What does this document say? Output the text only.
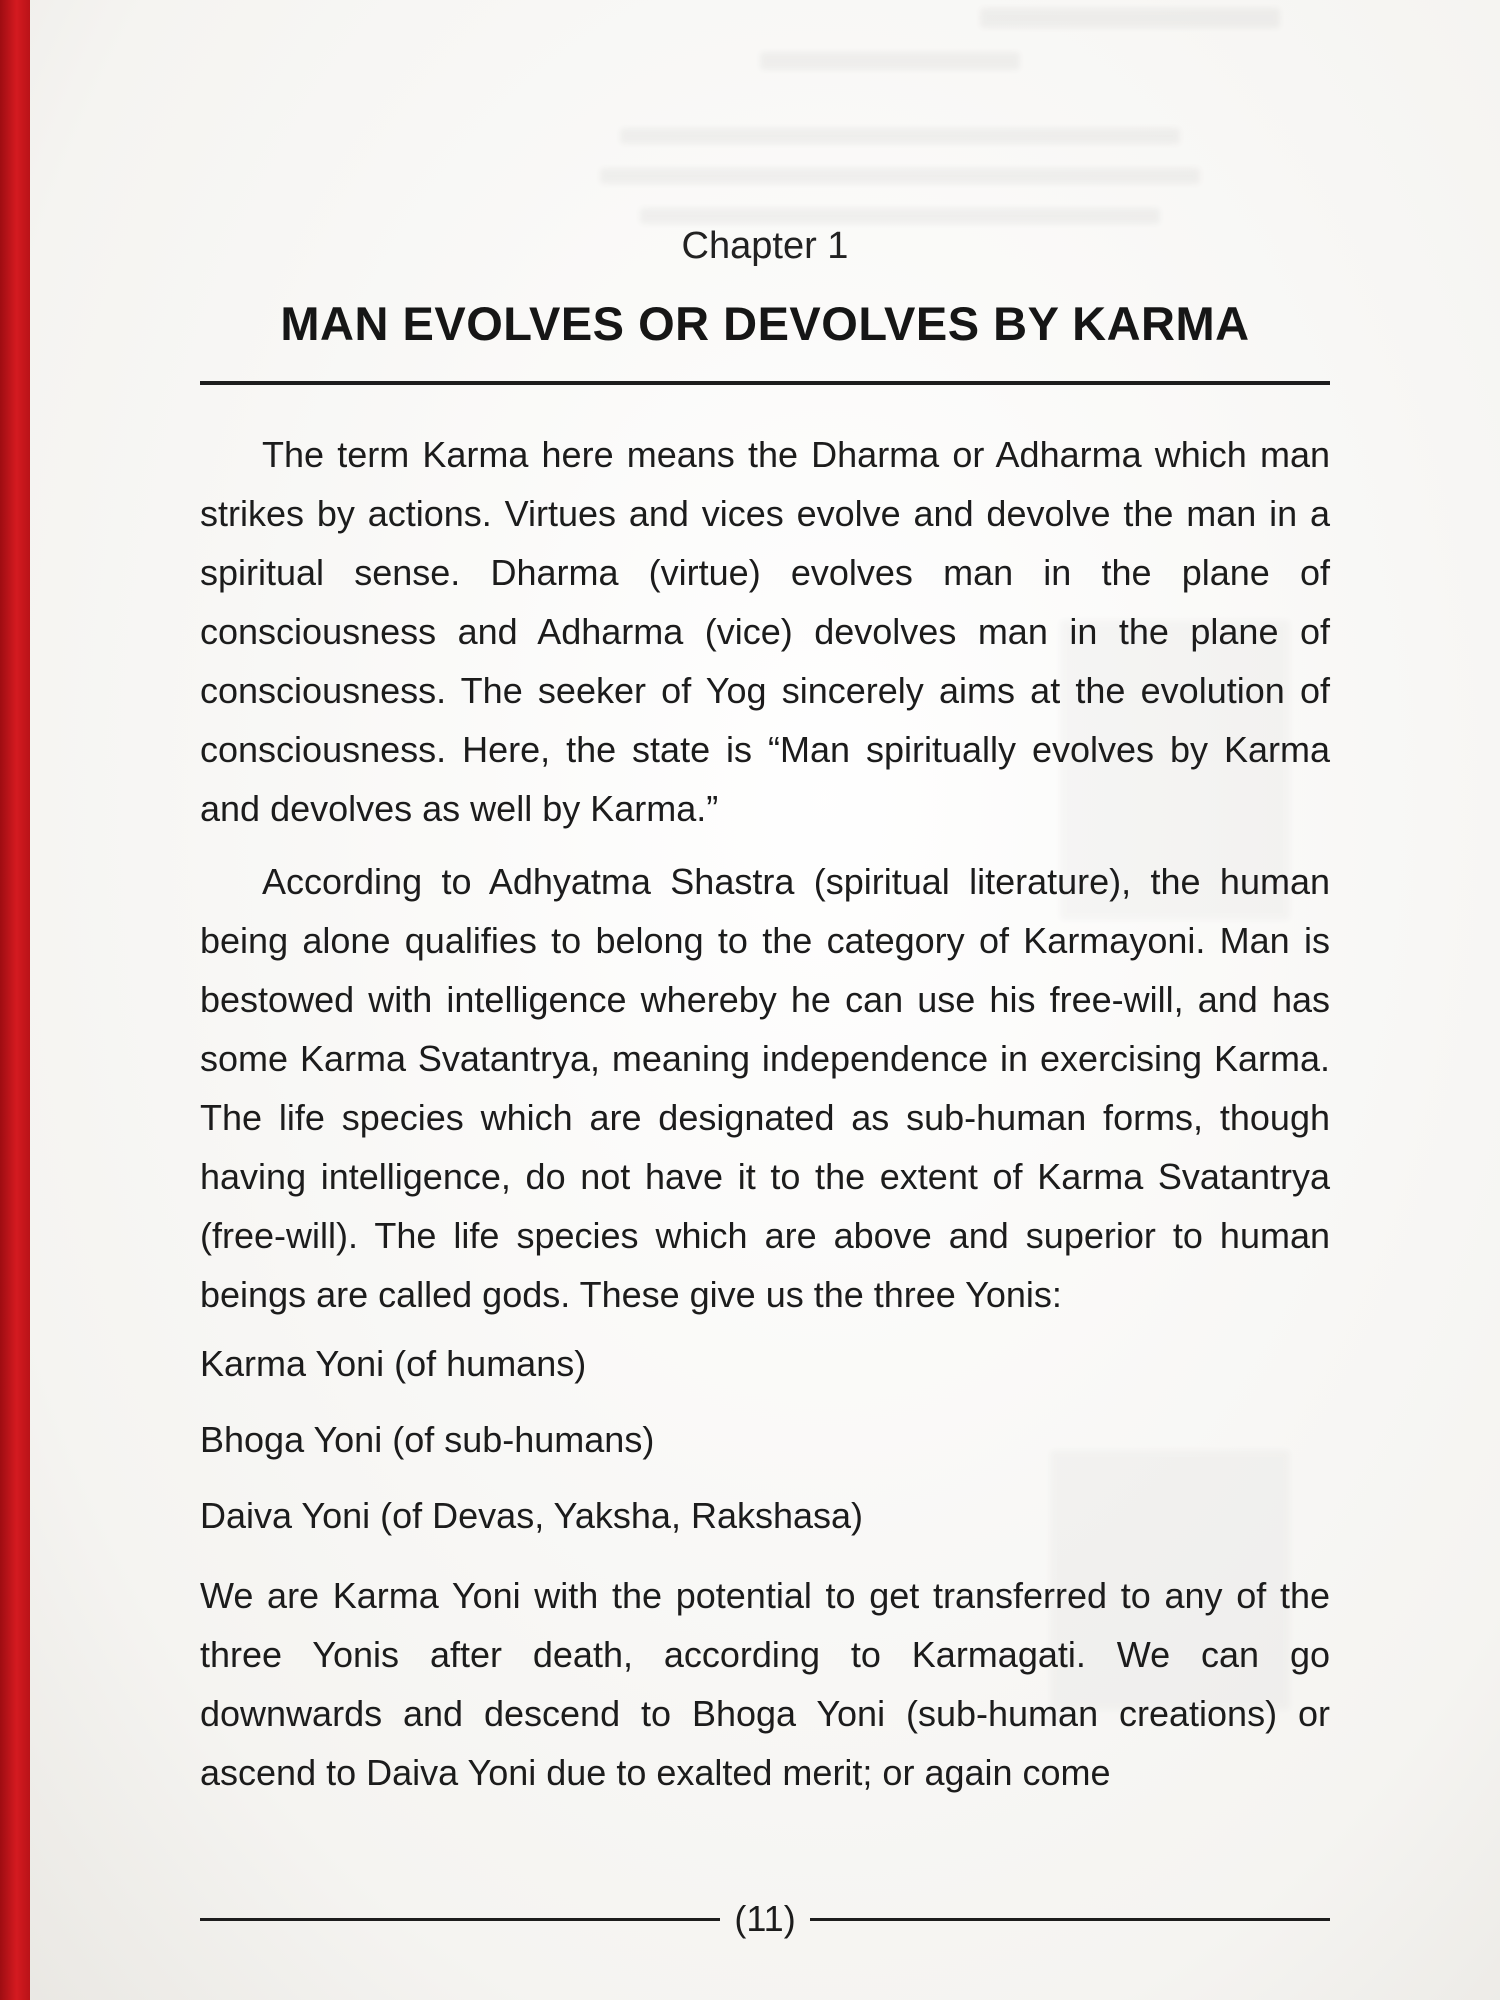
Chapter 1
MAN EVOLVES OR DEVOLVES BY KARMA

The term Karma here means the Dharma or Adharma which man strikes by actions. Virtues and vices evolve and devolve the man in a spiritual sense. Dharma (virtue) evolves man in the plane of consciousness and Adharma (vice) devolves man in the plane of consciousness. The seeker of Yog sincerely aims at the evolution of consciousness. Here, the state is “Man spiritually evolves by Karma and devolves as well by Karma.”

According to Adhyatma Shastra (spiritual literature), the human being alone qualifies to belong to the category of Karmayoni. Man is bestowed with intelligence whereby he can use his free-will, and has some Karma Svatantrya, meaning independence in exercising Karma. The life species which are designated as sub-human forms, though having intelligence, do not have it to the extent of Karma Svatantrya (free-will). The life species which are above and superior to human beings are called gods. These give us the three Yonis:

Karma Yoni (of humans)

Bhoga Yoni (of sub-humans)

Daiva Yoni (of Devas, Yaksha, Rakshasa)

We are Karma Yoni with the potential to get transferred to any of the three Yonis after death, according to Karmagati. We can go downwards and descend to Bhoga Yoni (sub-human creations) or ascend to Daiva Yoni due to exalted merit; or again come

(11)
